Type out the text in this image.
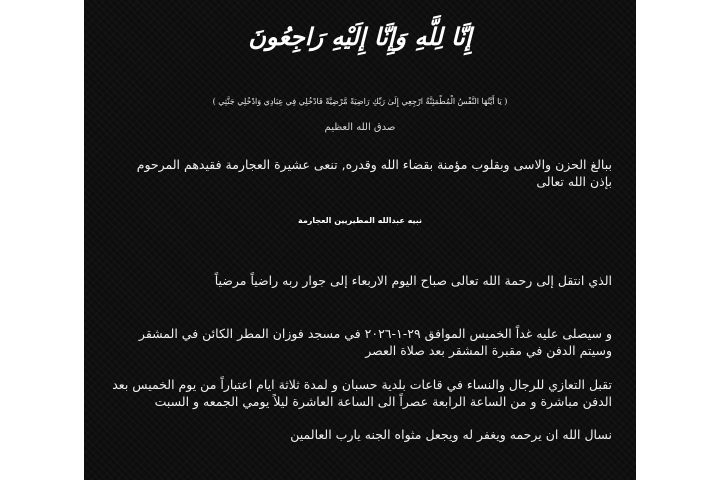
إِنَّا لِلَّهِ وَإِنَّا إِلَيْهِ رَاجِعُونَ
( يَا أَيَّتُهَا النَّفْسُ الْمُطْمَئِنَّةُ ارْجِعِي إِلَىٰ رَبِّكِ رَاضِيَةً مَّرْضِيَّةً فَادْخُلِي فِي عِبَادِي وَادْخُلِي جَنَّتِي )
صدق الله العظيم
ببالغ الحزن والاسى وبقلوب مؤمنة بقضاء الله وقدره, تنعى عشيرة العجارمة فقيدهم المرحوم
بإذن الله تعالى
نبيه عبدالله المطيريين العجارمة
الذي انتقل إلى رحمة الله تعالى صباح اليوم الاربعاء إلى جوار ربه راضياً مرضياً
و سيصلى عليه غداً الخميس الموافق ٢٩-١-٢٠٢٦ في مسجد فوزان المطر الكائن في المشقر
وسيتم الدفن في مقبرة المشقر بعد صلاة العصر
تقبل التعازي للرجال والنساء في قاعات بلدية حسبان و لمدة ثلاثة ايام اعتباراً من يوم الخميس بعد
الدفن مباشرة و من الساعة الرابعة عصراً الى الساعة العاشرة ليلاً يومي الجمعه و السبت
نسال الله ان يرحمه ويغفر له ويجعل مثواه الجنه يارب العالمين
